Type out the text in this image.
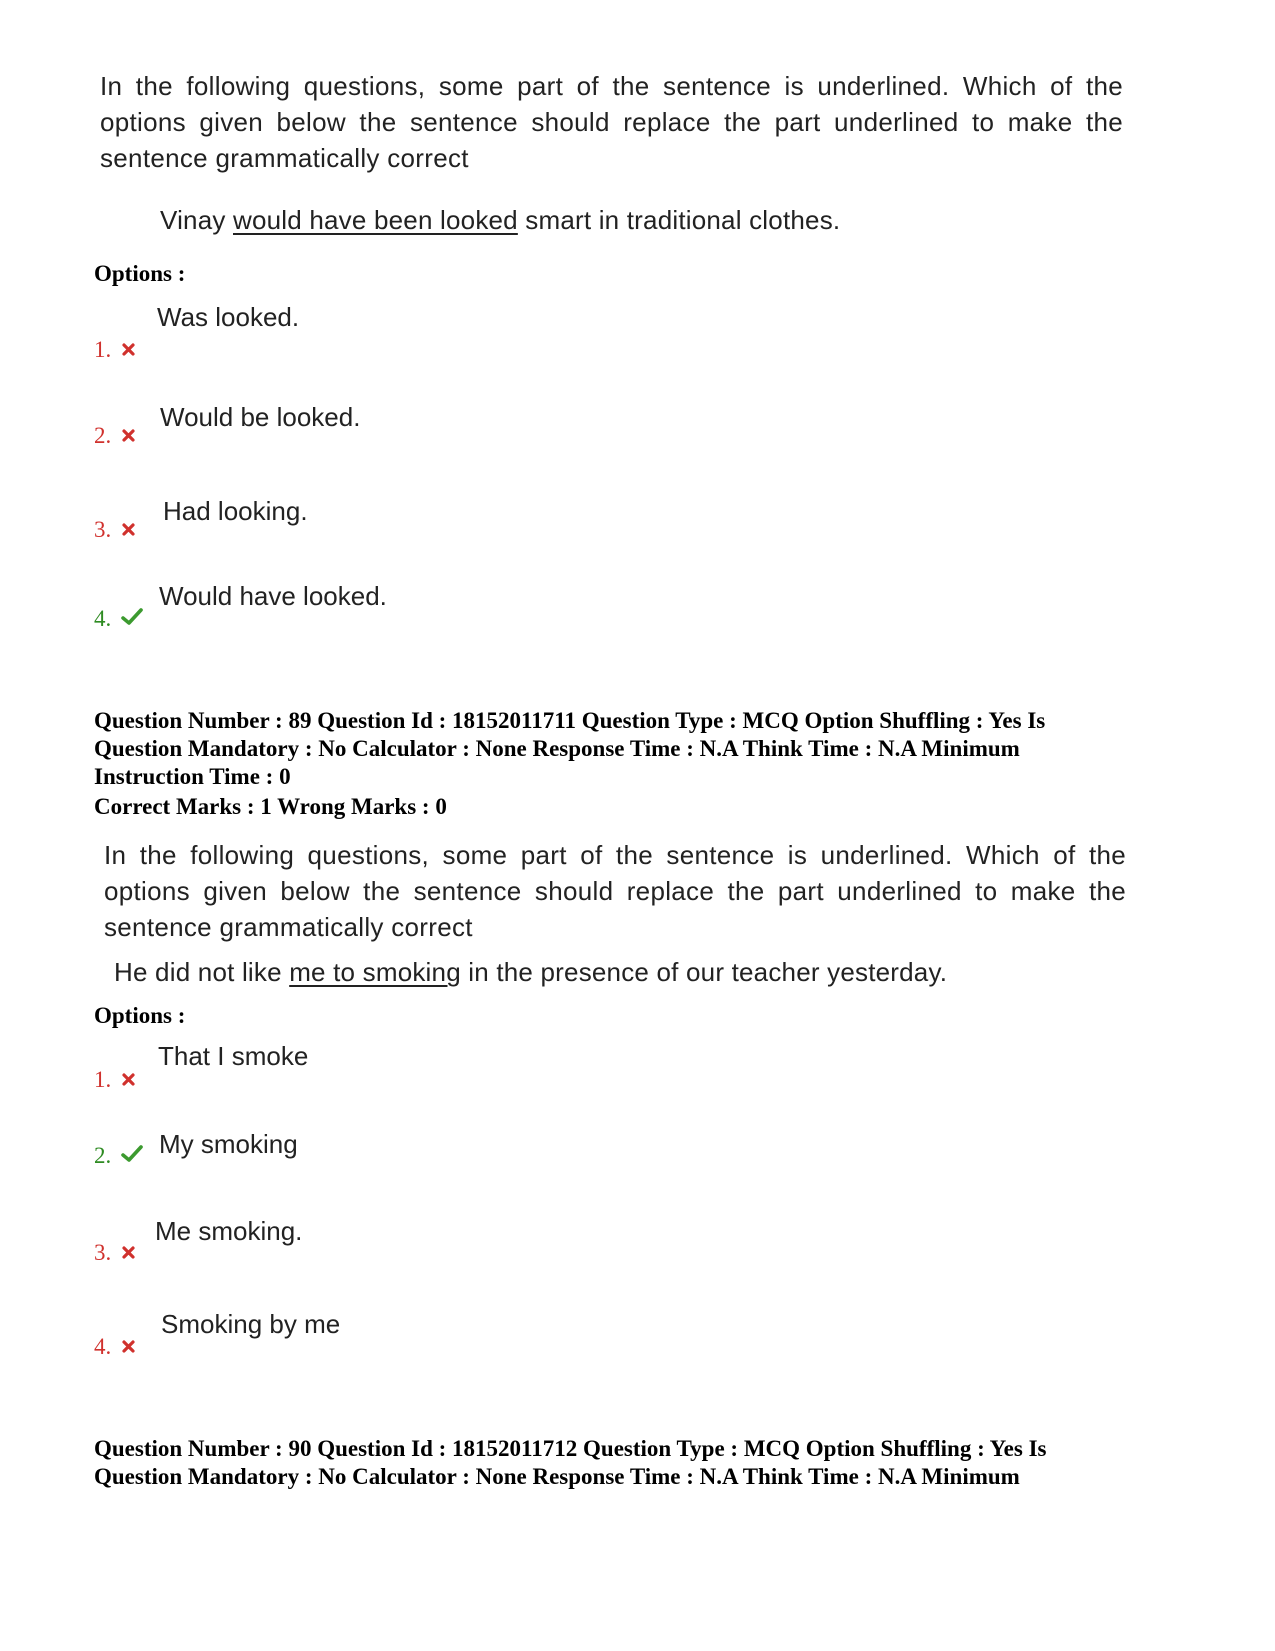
In the following questions, some part of the sentence is underlined. Which of the options given below the sentence should replace the part underlined to make the sentence grammatically correct
Vinay would have been looked smart in traditional clothes.
Options :
Was looked.
1.
Would be looked.
2.
Had looking.
3.
Would have looked.
4.
Question Number : 89 Question Id : 18152011711 Question Type : MCQ Option Shuffling : Yes Is
Question Mandatory : No Calculator : None Response Time : N.A Think Time : N.A Minimum
Instruction Time : 0
Correct Marks : 1 Wrong Marks : 0
In the following questions, some part of the sentence is underlined. Which of the options given below the sentence should replace the part underlined to make the sentence grammatically correct
He did not like me to smoking in the presence of our teacher yesterday.
Options :
That I smoke
1.
My smoking
2.
Me smoking.
3.
Smoking by me
4.
Question Number : 90 Question Id : 18152011712 Question Type : MCQ Option Shuffling : Yes Is
Question Mandatory : No Calculator : None Response Time : N.A Think Time : N.A Minimum
